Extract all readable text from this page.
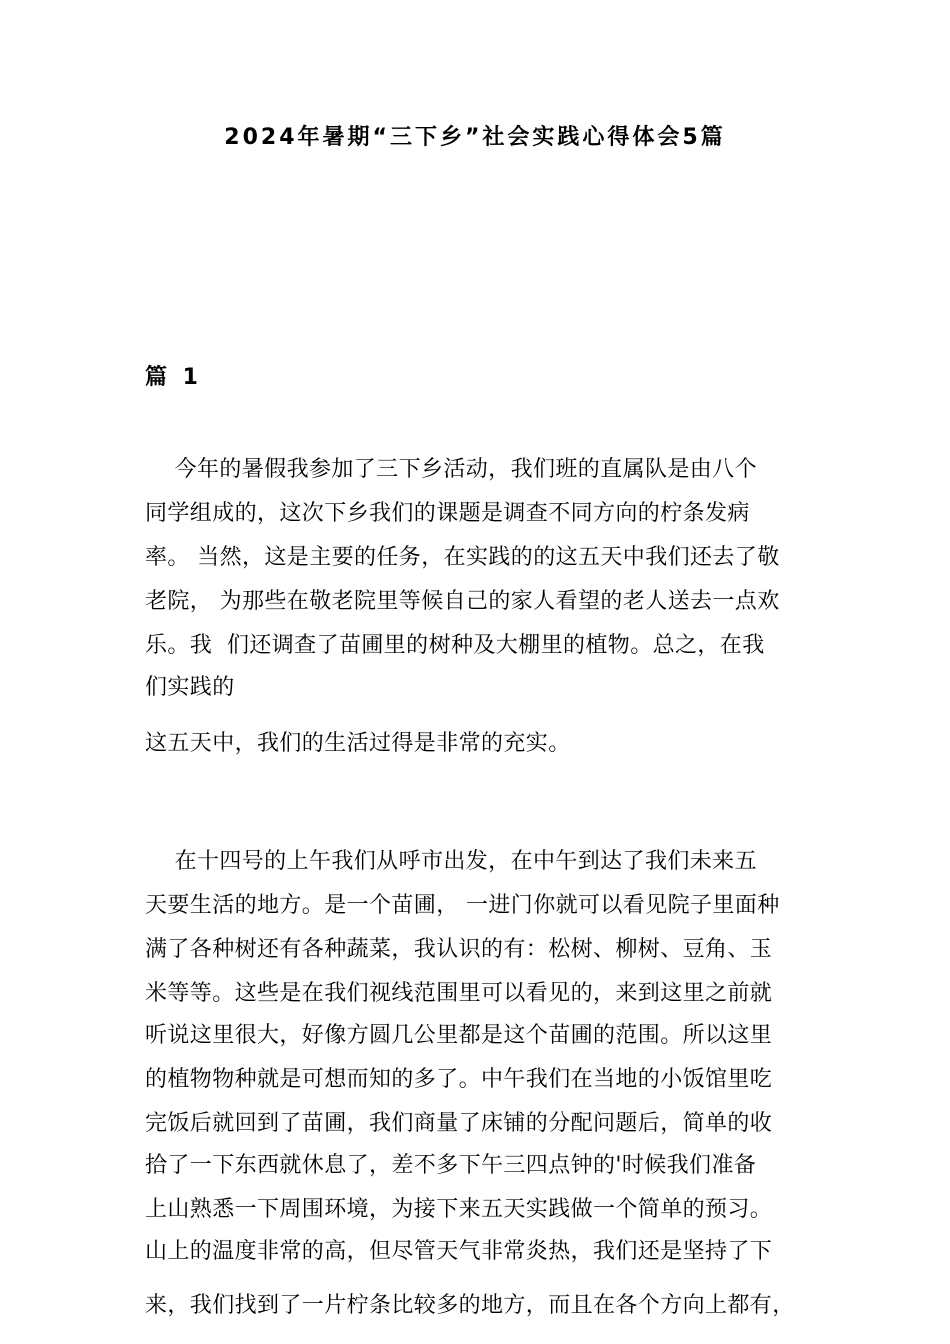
2024年暑期“三下乡”社会实践心得体会5篇
篇 1
今年的暑假我参加了三下乡活动，我们班的直属队是由八个
同学组成的，这次下乡我们的课题是调查不同方向的柠条发病
率。 当然，这是主要的任务，在实践的的这五天中我们还去了敬
老院， 为那些在敬老院里等候自己的家人看望的老人送去一点欢
乐。我  们还调查了苗圃里的树种及大棚里的植物。总之，在我
们实践的
这五天中，我们的生活过得是非常的充实。
在十四号的上午我们从呼市出发，在中午到达了我们未来五
天要生活的地方。是一个苗圃， 一进门你就可以看见院子里面种
满了各种树还有各种蔬菜，我认识的有：松树、柳树、豆角、玉
米等等。这些是在我们视线范围里可以看见的，来到这里之前就
听说这里很大，好像方圆几公里都是这个苗圃的范围。所以这里
的植物物种就是可想而知的多了。中午我们在当地的小饭馆里吃
完饭后就回到了苗圃，我们商量了床铺的分配问题后，简单的收
拾了一下东西就休息了，差不多下午三四点钟的'时候我们准备
上山熟悉一下周围环境，为接下来五天实践做一个简单的预习。
山上的温度非常的高，但尽管天气非常炎热，我们还是坚持了下
来，我们找到了一片柠条比较多的地方，而且在各个方向上都有，
